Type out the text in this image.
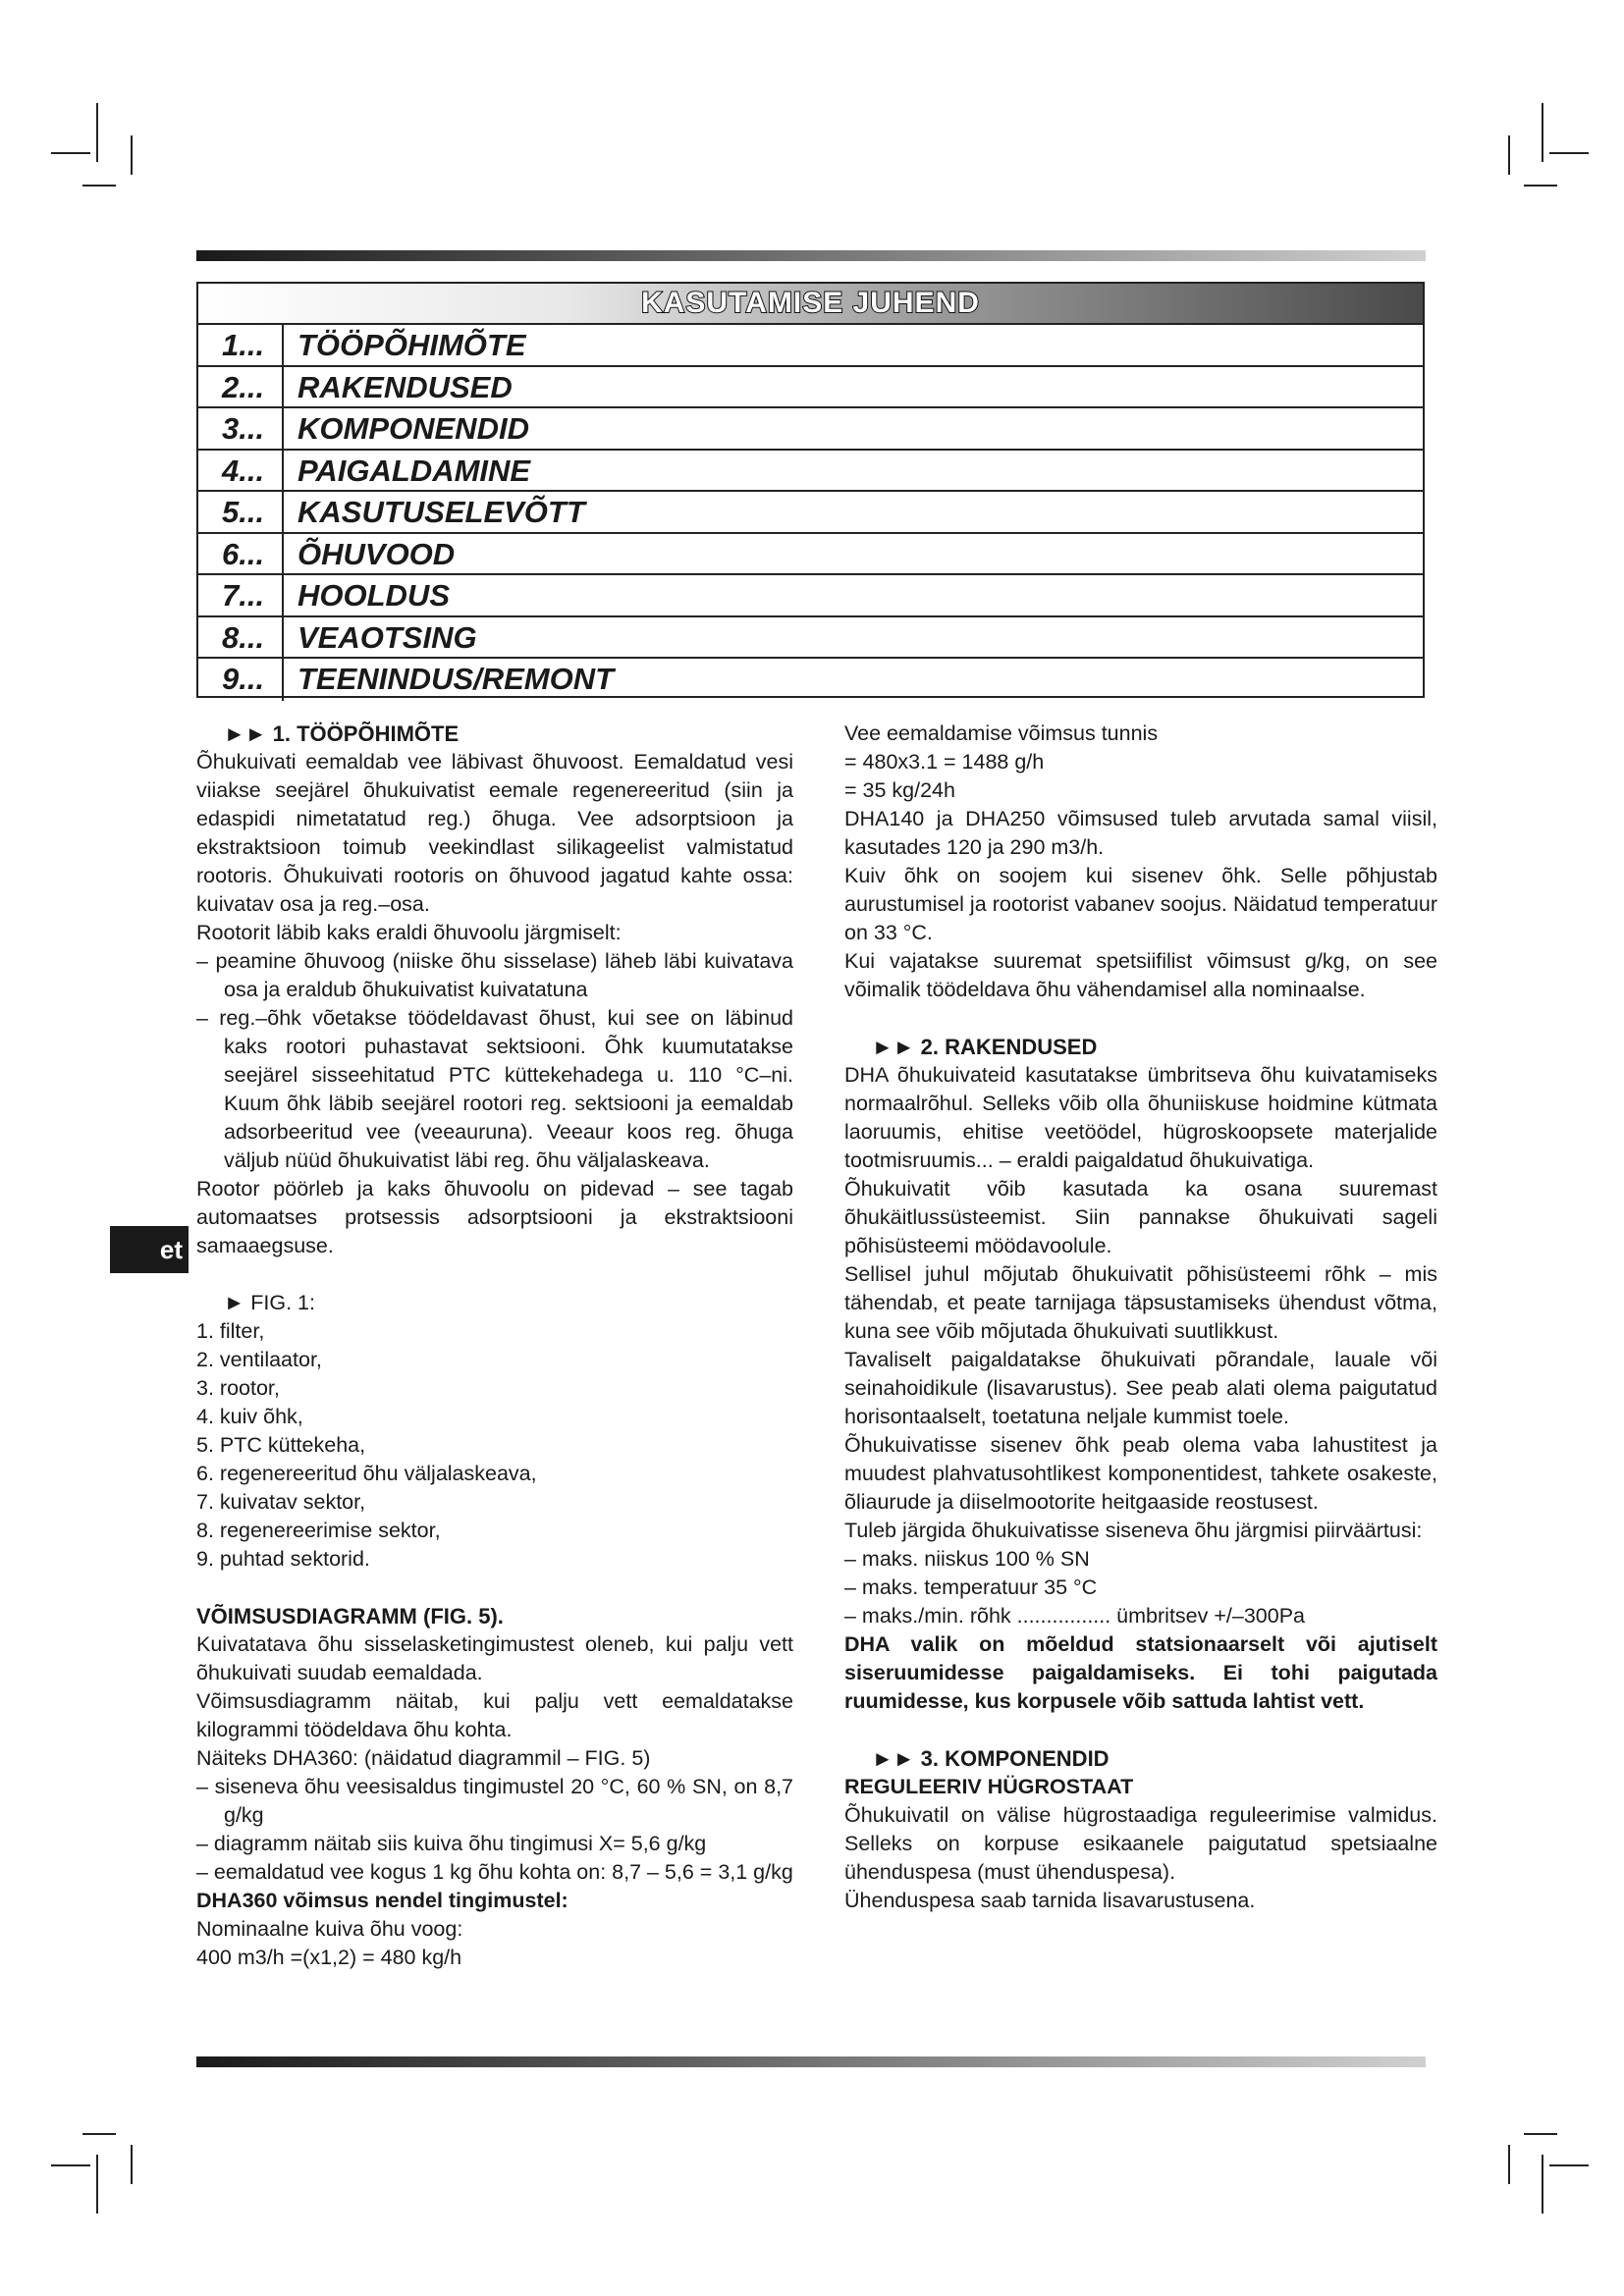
KASUTAMISE JUHEND
1...	TÖÖPÕHIMÕTE
2...	RAKENDUSED
3...	KOMPONENDID
4...	PAIGALDAMINE
5...	KASUTUSELEVÕTT
6...	ÕHUVOOD
7...	HOOLDUS
8...	VEAOTSING
9...	TEENINDUS/REMONT
et

►► 1. TÖÖPÕHIMÕTE

Õhukuivati eemaldab vee läbivast õhuvoost. Eemaldatud vesi viiakse seejärel õhukuivatist eemale regenereeritud (siin ja edaspidi nimetatatud reg.) õhuga. Vee adsorptsioon ja ekstraktsioon toimub veekindlast silikageelist valmistatud rootoris. Õhukuivati rootoris on õhuvood jagatud kahte ossa: kuivatav osa ja reg.–osa.

Rootorit läbib kaks eraldi õhuvoolu järgmiselt:

– peamine õhuvoog (niiske õhu sisselase) läheb läbi kuivatava osa ja eraldub õhukuivatist kuivatatuna

– reg.–õhk võetakse töödeldavast õhust, kui see on läbinud kaks rootori puhastavat sektsiooni. Õhk kuumutatakse seejärel sisseehitatud PTC küttekehadega u. 110 °C–ni. Kuum õhk läbib seejärel rootori reg. sektsiooni ja eemaldab adsorbeeritud vee (veeauruna). Veeaur koos reg. õhuga väljub nüüd õhukuivatist läbi reg. õhu väljalaskeava.

Rootor pöörleb ja kaks õhuvoolu on pidevad – see tagab automaatses protsessis adsorptsiooni ja ekstraktsiooni samaaegsuse.

► FIG. 1:

1. filter,

2. ventilaator,

3. rootor,

4. kuiv õhk,

5. PTC küttekeha,

6. regenereeritud õhu väljalaskeava,

7. kuivatav sektor,

8. regenereerimise sektor,

9. puhtad sektorid.

VÕIMSUSDIAGRAMM (FIG. 5).

Kuivatatava õhu sisselasketingimustest oleneb, kui palju vett õhukuivati suudab eemaldada.

Võimsusdiagramm näitab, kui palju vett eemaldatakse kilogrammi töödeldava õhu kohta.

Näiteks DHA360: (näidatud diagrammil – FIG. 5)

– siseneva õhu veesisaldus tingimustel 20 °C, 60 % SN, on 8,7 g/kg

– diagramm näitab siis kuiva õhu tingimusi X= 5,6 g/kg

– eemaldatud vee kogus 1 kg õhu kohta on: 8,7 – 5,6 = 3,1 g/kg

DHA360 võimsus nendel tingimustel:

Nominaalne kuiva õhu voog:

400 m3/h =(x1,2) = 480 kg/h

Vee eemaldamise võimsus tunnis

= 480x3.1 = 1488 g/h

= 35 kg/24h

DHA140 ja DHA250 võimsused tuleb arvutada samal viisil, kasutades 120 ja 290 m3/h.

Kuiv õhk on soojem kui sisenev õhk. Selle põhjustab aurustumisel ja rootorist vabanev soojus. Näidatud temperatuur on 33 °C.

Kui vajatakse suuremat spetsiifilist võimsust g/kg, on see võimalik töödeldava õhu vähendamisel alla nominaalse.

►► 2. RAKENDUSED

DHA õhukuivateid kasutatakse ümbritseva õhu kuivatamiseks normaalrõhul. Selleks võib olla õhuniiskuse hoidmine kütmata laoruumis, ehitise veetöödel, hügroskoopsete materjalide tootmisruumis... – eraldi paigaldatud õhukuivatiga.

Õhukuivatit võib kasutada ka osana suuremast õhukäitlussüsteemist. Siin pannakse õhukuivati sageli põhisüsteemi möödavoolule.

Sellisel juhul mõjutab õhukuivatit põhisüsteemi rõhk – mis tähendab, et peate tarnijaga täpsustamiseks ühendust võtma, kuna see võib mõjutada õhukuivati suutlikkust.

Tavaliselt paigaldatakse õhukuivati põrandale, lauale või seinahoidikule (lisavarustus). See peab alati olema paigutatud horisontaalselt, toetatuna neljale kummist toele.

Õhukuivatisse sisenev õhk peab olema vaba lahustitest ja muudest plahvatusohtlikest komponentidest, tahkete osakeste, õliaurude ja diiselmootorite heitgaaside reostusest.

Tuleb järgida õhukuivatisse siseneva õhu järgmisi piirväärtusi:

– maks. niiskus 100 % SN

– maks. temperatuur 35 °C

– maks./min. rõhk ................ ümbritsev +/–300Pa

DHA valik on mõeldud statsionaarselt või ajutiselt siseruumidesse paigaldamiseks. Ei tohi paigutada ruumidesse, kus korpusele võib sattuda lahtist vett.

►► 3. KOMPONENDID

REGULEERIV HÜGROSTAAT

Õhukuivatil on välise hügrostaadiga reguleerimise valmidus. Selleks on korpuse esikaanele paigutatud spetsiaalne ühenduspesa (must ühenduspesa).

Ühenduspesa saab tarnida lisavarustusena.
